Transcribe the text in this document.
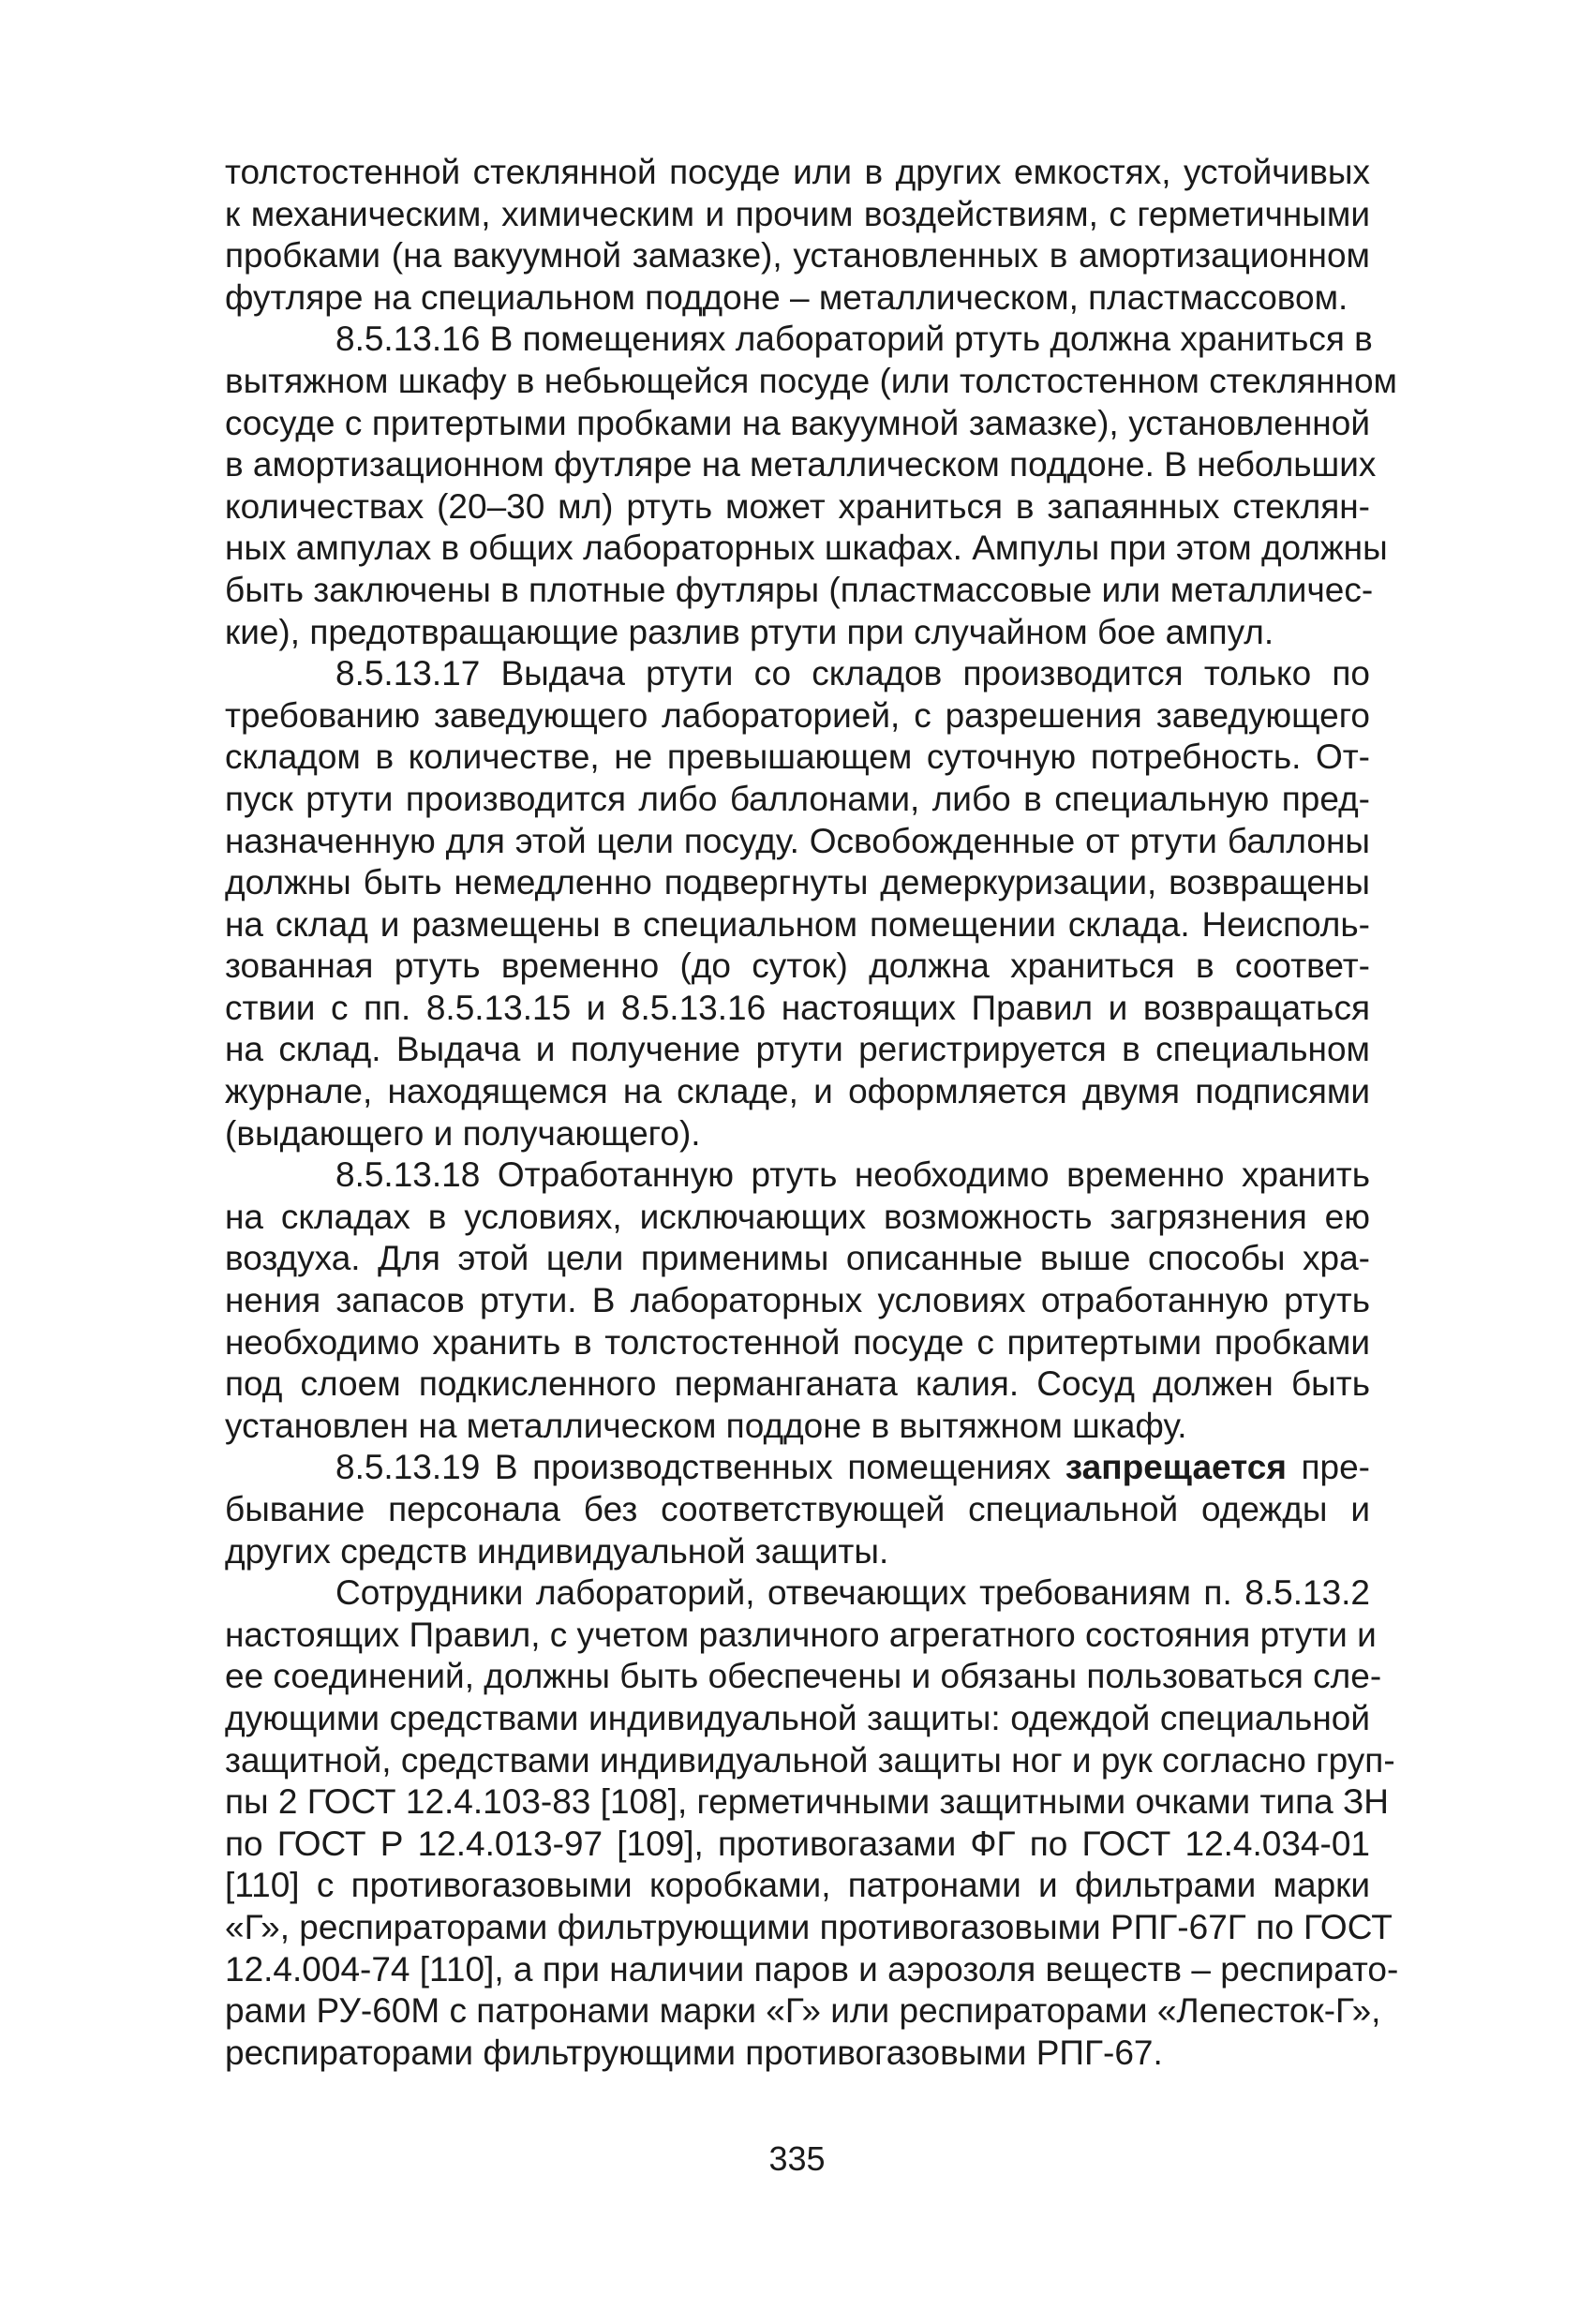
толстостенной стеклянной посуде или в других емкостях, устойчивых
к механическим, химическим и прочим воздействиям, с герметичными
пробками (на вакуумной замазке), установленных в амортизационном
футляре на специальном поддоне – металлическом, пластмассовом.
8.5.13.16 В помещениях лабораторий ртуть должна храниться в
вытяжном шкафу в небьющейся посуде (или толстостенном стеклянном
сосуде с притертыми пробками на вакуумной замазке), установленной
в амортизационном футляре на металлическом поддоне. В небольших
количествах (20–30 мл) ртуть может храниться в запаянных стеклян-
ных ампулах в общих лабораторных шкафах. Ампулы при этом должны
быть заключены в плотные футляры (пластмассовые или металличес-
кие), предотвращающие разлив ртути при случайном бое ампул.
8.5.13.17 Выдача ртути со складов производится только по
требованию заведующего лабораторией, с разрешения заведующего
складом в количестве, не превышающем суточную потребность. От-
пуск ртути производится либо баллонами, либо в специальную пред-
назначенную для этой цели посуду. Освобожденные от ртути баллоны
должны быть немедленно подвергнуты демеркуризации, возвращены
на склад и размещены в специальном помещении склада. Неисполь-
зованная ртуть временно (до суток) должна храниться в соответ-
ствии с пп. 8.5.13.15 и 8.5.13.16 настоящих Правил и возвращаться
на склад. Выдача и получение ртути регистрируется в специальном
журнале, находящемся на складе, и оформляется двумя подписями
(выдающего и получающего).
8.5.13.18 Отработанную ртуть необходимо временно хранить
на складах в условиях, исключающих возможность загрязнения ею
воздуха. Для этой цели применимы описанные выше способы хра-
нения запасов ртути. В лабораторных условиях отработанную ртуть
необходимо хранить в толстостенной посуде с притертыми пробками
под слоем подкисленного перманганата калия. Сосуд должен быть
установлен на металлическом поддоне в вытяжном шкафу.
8.5.13.19 В производственных помещениях запрещается пре-
бывание персонала без соответствующей специальной одежды и
других средств индивидуальной защиты.
Сотрудники лабораторий, отвечающих требованиям п. 8.5.13.2
настоящих Правил, с учетом различного агрегатного состояния ртути и
ее соединений, должны быть обеспечены и обязаны пользоваться сле-
дующими средствами индивидуальной защиты: одеждой специальной
защитной, средствами индивидуальной защиты ног и рук согласно груп-
пы 2 ГОСТ 12.4.103-83 [108], герметичными защитными очками типа ЗН
по ГОСТ Р 12.4.013-97 [109], противогазами ФГ по ГОСТ 12.4.034-01
[110] с противогазовыми коробками, патронами и фильтрами марки
«Г», респираторами фильтрующими противогазовыми РПГ-67Г по ГОСТ
12.4.004-74 [110], а при наличии паров и аэрозоля веществ – респирато-
рами РУ-60М с патронами марки «Г» или респираторами «Лепесток-Г»,
респираторами фильтрующими противогазовыми РПГ-67.
335
